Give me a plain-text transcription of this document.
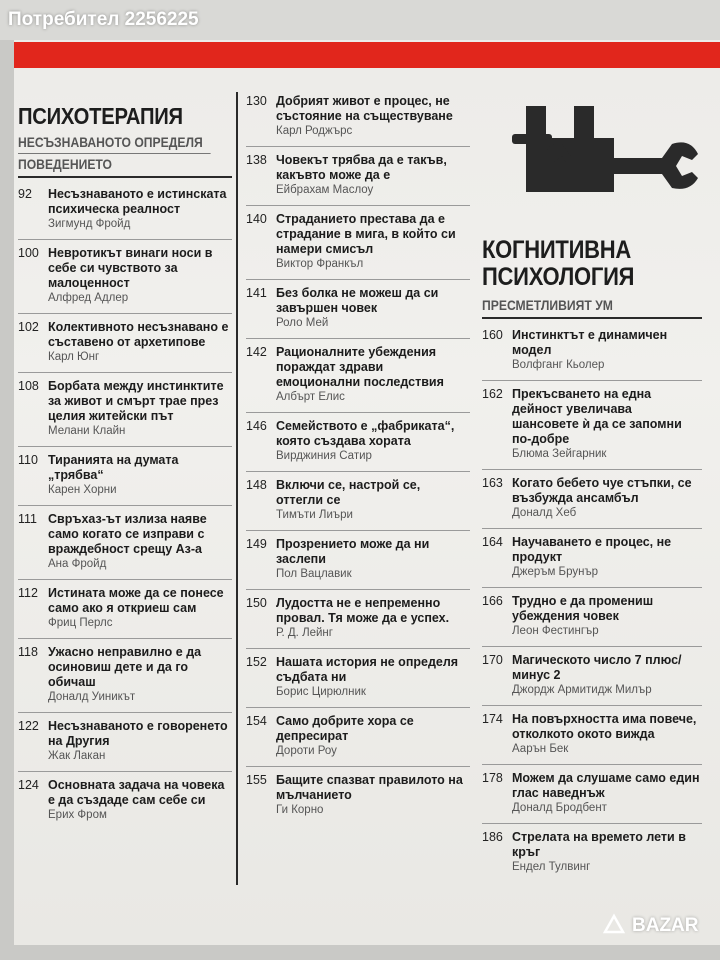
Потребител 2256225
ПСИХОТЕРАПИЯ
НЕСЪЗНАВАНОТО ОПРЕДЕЛЯ
ПОВЕДЕНИЕТО
92 Несъзнаваното е истинската психическа реалност
Зигмунд Фройд
100 Невротикът винаги носи в себе си чувството за малоценност
Алфред Адлер
102 Колективното несъзнавано е съставено от архетипове
Карл Юнг
108 Борбата между инстинктите за живот и смърт трае през целия житейски път
Мелани Клайн
110 Тиранията на думата „трябва“
Карен Хорни
111 Свръхаз-ът излиза наяве само когато се изправи с враждебност срещу Аз-а
Ана Фройд
112 Истината може да се понесе само ако я откриеш сам
Фриц Перлс
118 Ужасно неправилно е да осиновиш дете и да го обичаш
Доналд Уиникът
122 Несъзнаваното е говоренето на Другия
Жак Лакан
124 Основната задача на човека е да създаде сам себе си
Ерих Фром
130 Добрият живот е процес, не състояние на съществуване
Карл Роджърс
138 Човекът трябва да е такъв, какъвто може да е
Ейбрахам Маслоу
140 Страданието престава да е страдание в мига, в който си намери смисъл
Виктор Франкъл
141 Без болка не можеш да си завършен човек
Роло Мей
142 Рационалните убеждения пораждат здрави емоционални последствия
Албърт Елис
146 Семейството е „фабриката“, която създава хората
Вирджиния Сатир
148 Включи се, настрой се, оттегли се
Тимъти Лиъри
149 Прозрението може да ни заслепи
Пол Вацлавик
150 Лудостта не е непременно провал. Тя може да е успех.
Р. Д. Лейнг
152 Нашата история не определя съдбата ни
Борис Цирюлник
154 Само добрите хора се депресират
Дороти Роу
155 Бащите спазват правилото на мълчанието
Ги Корно
КОГНИТИВНА
ПСИХОЛОГИЯ
ПРЕСМЕТЛИВИЯТ УМ
160 Инстинктът е динамичен модел
Волфганг Кьолер
162 Прекъсването на една дейност увеличава шансовете ѝ да се запомни по-добре
Блюма Зейгарник
163 Когато бебето чуе стъпки, се възбужда ансамбъл
Доналд Хеб
164 Научаването е процес, не продукт
Джеръм Брунър
166 Трудно е да промениш убеждения човек
Леон Фестингър
170 Магическото число 7 плюс/минус 2
Джордж Армитидж Милър
174 На повърхността има повече, отколкото окото вижда
Аарън Бек
178 Можем да слушаме само един глас наведнъж
Доналд Бродбент
186 Стрелата на времето лети в кръг
Ендел Тулвинг
BAZAR
